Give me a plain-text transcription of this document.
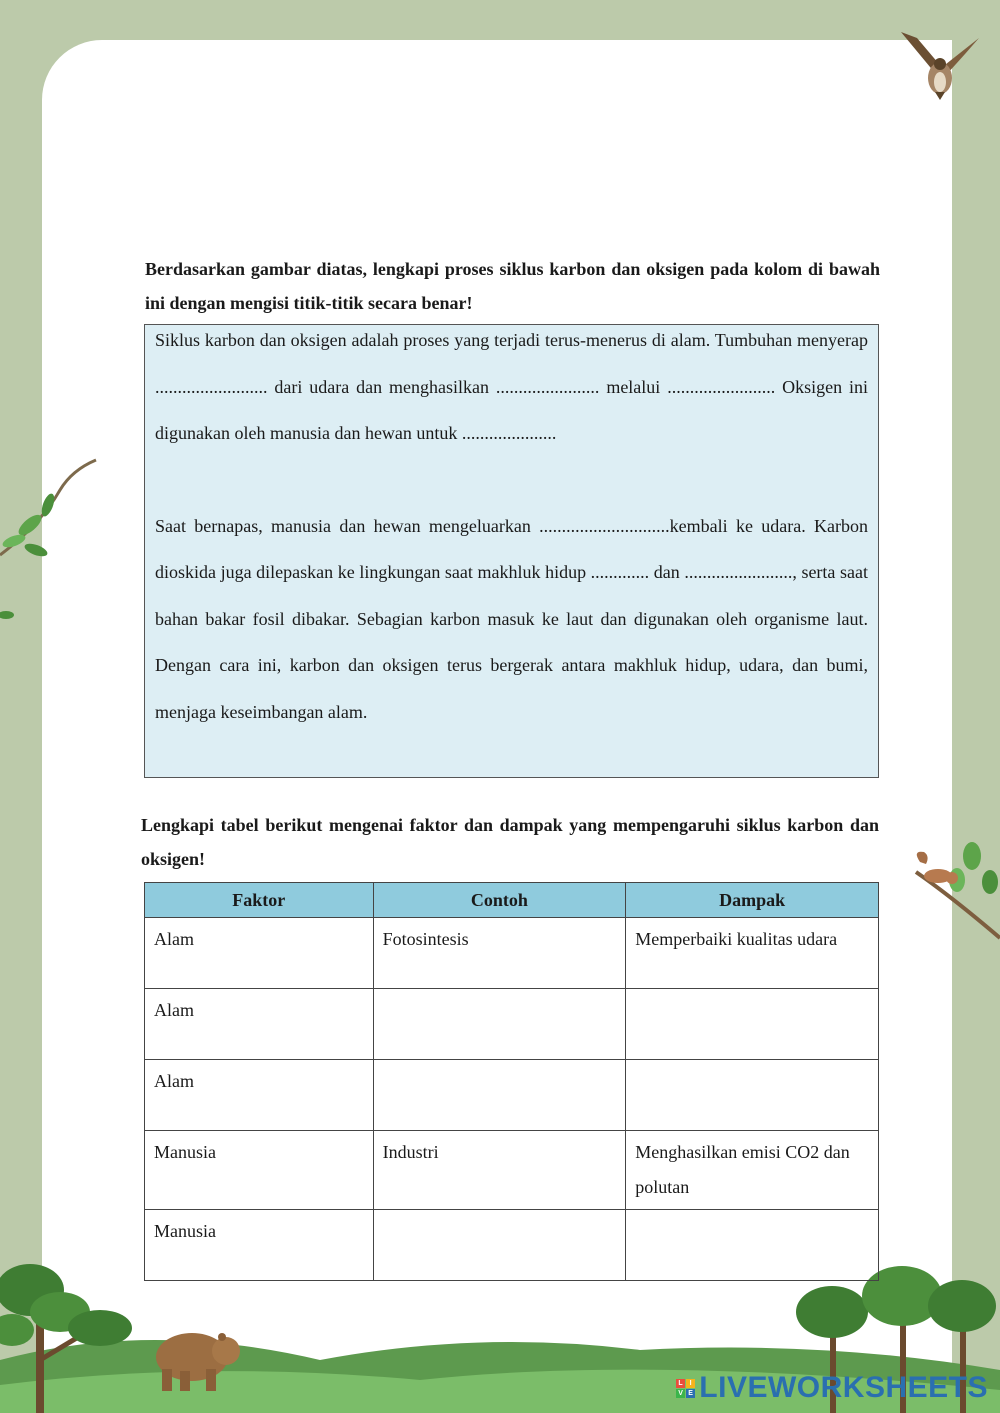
Berdasarkan gambar diatas, lengkapi proses siklus karbon dan oksigen pada kolom di bawah ini dengan mengisi titik-titik secara benar!

Siklus karbon dan oksigen adalah proses yang terjadi terus-menerus di alam. Tumbuhan menyerap ......................... dari udara dan menghasilkan ....................... melalui ........................ Oksigen ini digunakan oleh manusia dan hewan untuk .....................

Saat bernapas, manusia dan hewan mengeluarkan .............................kembali ke udara. Karbon dioskida juga dilepaskan ke lingkungan saat makhluk hidup ............. dan ........................, serta saat bahan bakar fosil dibakar. Sebagian karbon masuk ke laut dan digunakan oleh organisme laut. Dengan cara ini, karbon dan oksigen terus bergerak antara makhluk hidup, udara, dan bumi, menjaga keseimbangan alam.

Lengkapi tabel berikut mengenai faktor dan dampak yang mempengaruhi siklus karbon dan oksigen!
Faktor	Contoh	Dampak
Alam	Fotosintesis	Memperbaiki kualitas udara
Alam		
Alam		
Manusia	Industri	Menghasilkan emisi CO2 dan polutan
Manusia		
L I
V E LIVEWORKSHEETS
